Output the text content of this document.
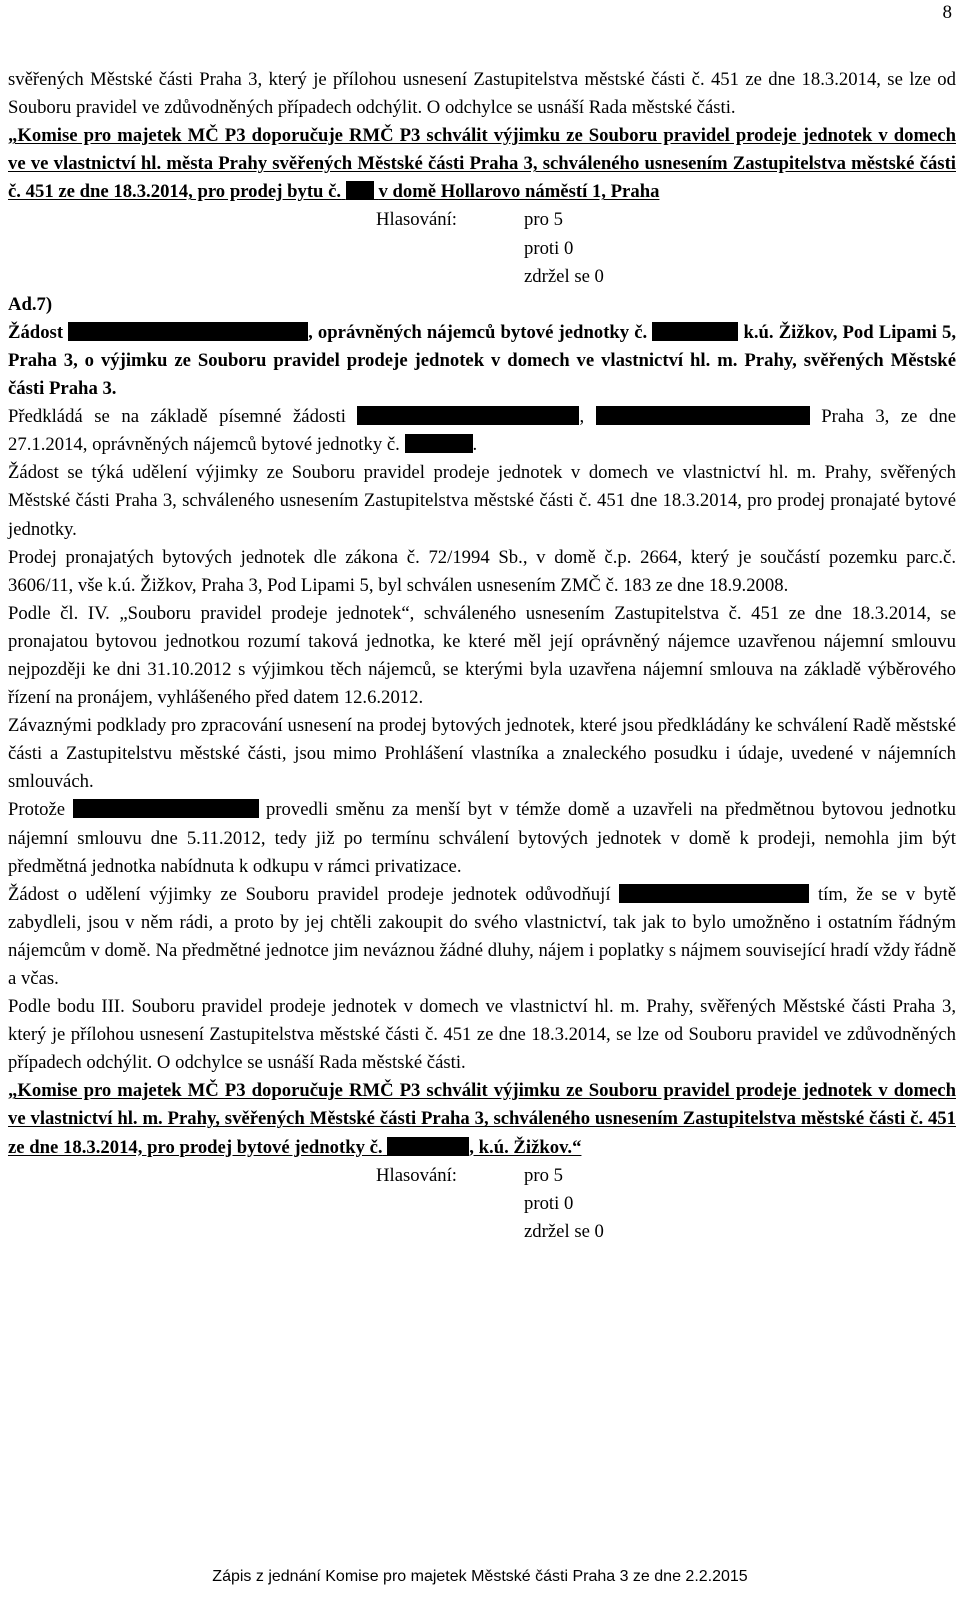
8

svěřených Městské části Praha 3, který je přílohou usnesení Zastupitelstva městské části č. 451 ze dne 18.3.2014, se lze od Souboru pravidel ve zdůvodněných případech odchýlit. O odchylce se usnáší Rada městské části.

„Komise pro majetek MČ P3 doporučuje RMČ P3 schválit výjimku ze Souboru pravidel prodeje jednotek v domech ve ve vlastnictví hl. města Prahy svěřených Městské části Praha 3, schváleného usnesením Zastupitelstva městské části č. 451 ze dne 18.3.2014, pro prodej bytu č. v domě Hollarovo náměstí 1, Praha

Hlasování:	pro 5
proti 0
zdržel se 0

Ad.7)

Žádost	, oprávněných nájemců bytové jednotky č.	k.ú. Žižkov, Pod Lipami 5, Praha 3, o výjimku ze Souboru pravidel prodeje jednotek v domech ve vlastnictví hl. m. Prahy, svěřených Městské části Praha 3.

Předkládá se na základě písemné žádosti	,	Praha 3, ze dne 27.1.2014, oprávněných nájemců bytové jednotky č.	.

Žádost se týká udělení výjimky ze Souboru pravidel prodeje jednotek v domech ve vlastnictví hl. m. Prahy, svěřených Městské části Praha 3, schváleného usnesením Zastupitelstva městské části č. 451 dne 18.3.2014, pro prodej pronajaté bytové jednotky.

Prodej pronajatých bytových jednotek dle zákona č. 72/1994 Sb., v domě č.p. 2664, který je součástí pozemku parc.č. 3606/11, vše k.ú. Žižkov, Praha 3, Pod Lipami 5, byl schválen usnesením ZMČ č. 183 ze dne 18.9.2008.

Podle čl. IV. „Souboru pravidel prodeje jednotek“, schváleného usnesením Zastupitelstva č. 451 ze dne 18.3.2014, se pronajatou bytovou jednotkou rozumí taková jednotka, ke které měl její oprávněný nájemce uzavřenou nájemní smlouvu nejpozději ke dni 31.10.2012 s výjimkou těch nájemců, se kterými byla uzavřena nájemní smlouva na základě výběrového řízení na pronájem, vyhlášeného před datem 12.6.2012.

Závaznými podklady pro zpracování usnesení na prodej bytových jednotek, které jsou předkládány ke schválení Radě městské části a Zastupitelstvu městské části, jsou mimo Prohlášení vlastníka a znaleckého posudku i údaje, uvedené v nájemních smlouvách.

Protože	provedli směnu za menší byt v témže domě a uzavřeli na předmětnou bytovou jednotku nájemní smlouvu dne 5.11.2012, tedy již po termínu schválení bytových jednotek v domě k prodeji, nemohla jim být předmětná jednotka nabídnuta k odkupu v rámci privatizace.

Žádost o udělení výjimky ze Souboru pravidel prodeje jednotek odůvodňují	tím, že se v bytě zabydleli, jsou v něm rádi, a proto by jej chtěli zakoupit do svého vlastnictví, tak jak to bylo umožněno i ostatním řádným nájemcům v domě. Na předmětné jednotce jim neváznou žádné dluhy, nájem i poplatky s nájmem související hradí vždy řádně a včas.

Podle bodu III. Souboru pravidel prodeje jednotek v domech ve vlastnictví hl. m. Prahy, svěřených Městské části Praha 3, který je přílohou usnesení Zastupitelstva městské části č. 451 ze dne 18.3.2014, se lze od Souboru pravidel ve zdůvodněných případech odchýlit. O odchylce se usnáší Rada městské části.

„Komise pro majetek MČ P3 doporučuje RMČ P3 schválit výjimku ze Souboru pravidel prodeje jednotek v domech ve vlastnictví hl. m. Prahy, svěřených Městské části Praha 3, schváleného usnesením Zastupitelstva městské části č. 451 ze dne 18.3.2014, pro prodej bytové jednotky č.	, k.ú. Žižkov.“

Hlasování:	pro 5
proti 0
zdržel se 0
Zápis z jednání Komise pro majetek Městské části Praha 3 ze dne 2.2.2015
